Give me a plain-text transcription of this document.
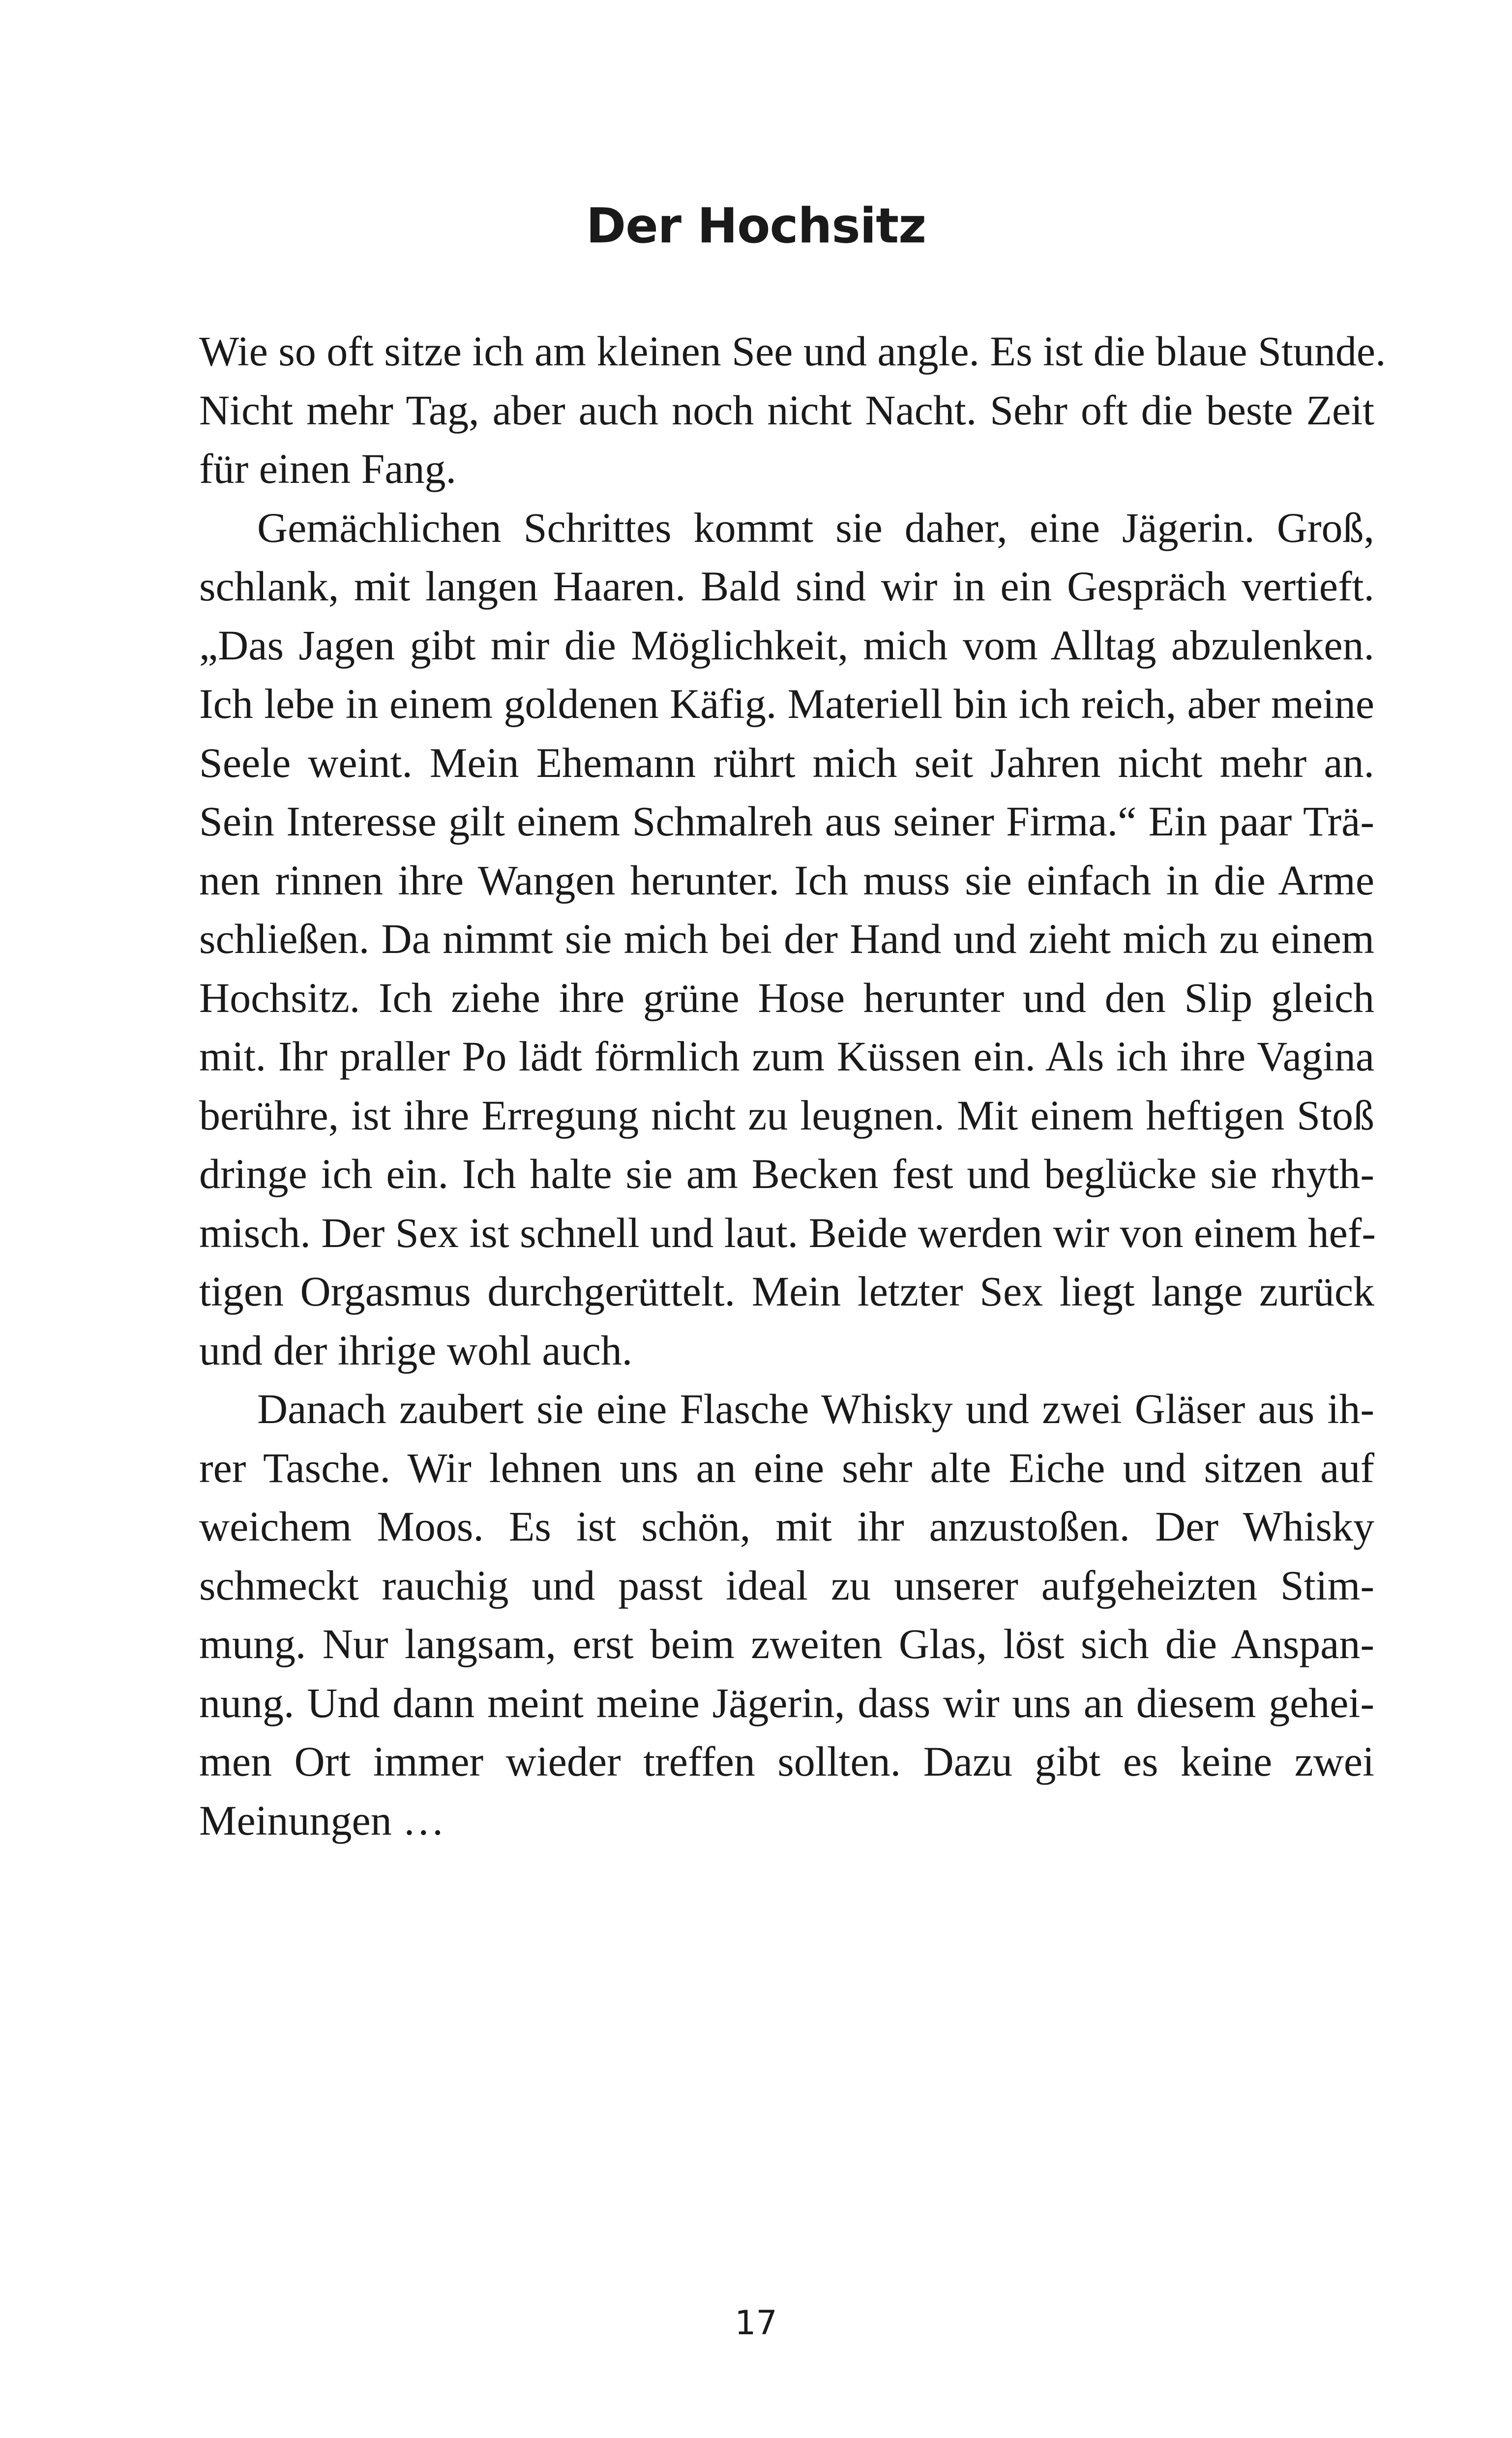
Der Hochsitz

Wie so oft sitze ich am kleinen See und angle. Es ist die blaue Stunde.
Nicht mehr Tag, aber auch noch nicht Nacht. Sehr oft die beste Zeit
für einen Fang.

Gemächlichen Schrittes kommt sie daher, eine Jägerin. Groß,
schlank, mit langen Haaren. Bald sind wir in ein Gespräch vertieft.
„Das Jagen gibt mir die Möglichkeit, mich vom Alltag abzulenken.
Ich lebe in einem goldenen Käfig. Materiell bin ich reich, aber meine
Seele weint. Mein Ehemann rührt mich seit Jahren nicht mehr an.
Sein Interesse gilt einem Schmalreh aus seiner Firma.“ Ein paar Trä-
nen rinnen ihre Wangen herunter. Ich muss sie einfach in die Arme
schließen. Da nimmt sie mich bei der Hand und zieht mich zu einem
Hochsitz. Ich ziehe ihre grüne Hose herunter und den Slip gleich
mit. Ihr praller Po lädt förmlich zum Küssen ein. Als ich ihre Vagina
berühre, ist ihre Erregung nicht zu leugnen. Mit einem heftigen Stoß
dringe ich ein. Ich halte sie am Becken fest und beglücke sie rhyth-
misch. Der Sex ist schnell und laut. Beide werden wir von einem hef-
tigen Orgasmus durchgerüttelt. Mein letzter Sex liegt lange zurück
und der ihrige wohl auch.

Danach zaubert sie eine Flasche Whisky und zwei Gläser aus ih-
rer Tasche. Wir lehnen uns an eine sehr alte Eiche und sitzen auf
weichem Moos. Es ist schön, mit ihr anzustoßen. Der Whisky
schmeckt rauchig und passt ideal zu unserer aufgeheizten Stim-
mung. Nur langsam, erst beim zweiten Glas, löst sich die Anspan-
nung. Und dann meint meine Jägerin, dass wir uns an diesem gehei-
men Ort immer wieder treffen sollten. Dazu gibt es keine zwei
Meinungen …

17
